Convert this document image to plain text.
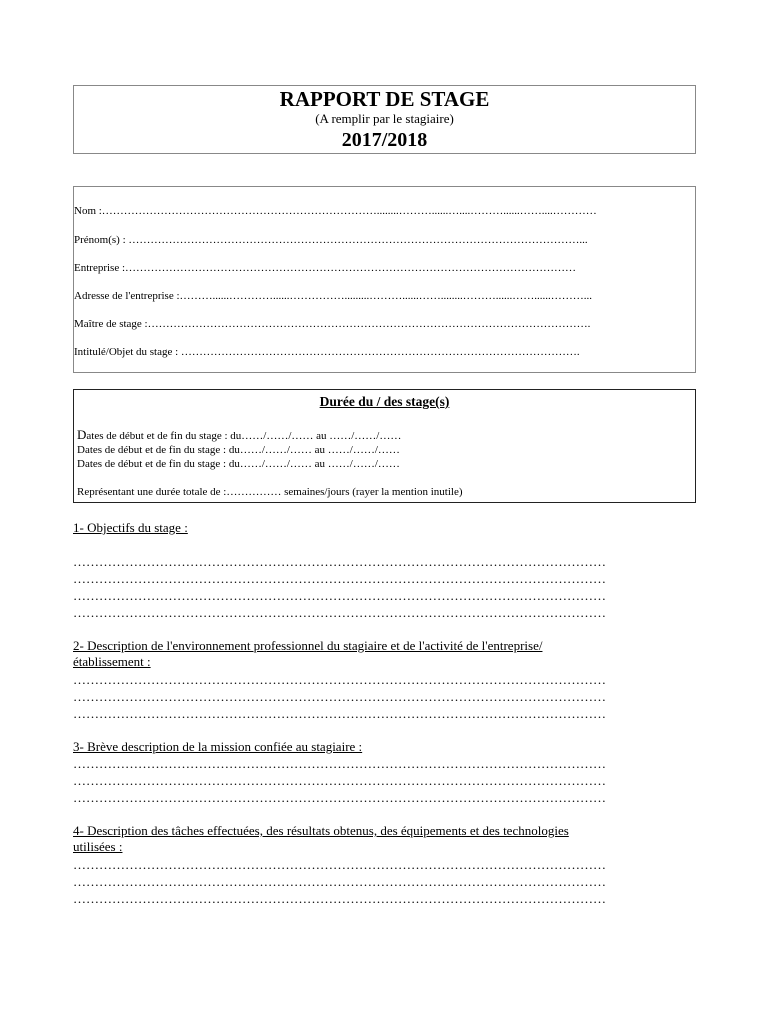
RAPPORT DE STAGE
(A remplir par le stagiaire)
2017/2018
Nom :…………………………………………………………………........………......…....………......……....…………
Prénom(s) : ……………………………………………………………………………………………………………...
Entreprise :……………………………………………………………………………………………………………
Adresse de l'entreprise :………......…………......…………….........………......……........………......……......………...
Maître de stage :………………………………………………………………………………………………………….
Intitulé/Objet du stage : ……………………………………………………………………………………………….
Durée du / des stage(s)
Dates de début et de fin du stage : du……/……/…… au ……/……/……
Dates de début et de fin du stage : du……/……/…… au ……/……/……
Dates de début et de fin du stage : du……/……/…… au ……/……/……
Représentant une durée totale de :…………… semaines/jours (rayer la mention inutile)
1- Objectifs du stage :
……………………………………………………………………………………………………………
……………………………………………………………………………………………………………
……………………………………………………………………………………………………………
……………………………………………………………………………………………………………
2- Description de l'environnement professionnel du stagiaire et de l'activité de l'entreprise/
établissement :
……………………………………………………………………………………………………………
……………………………………………………………………………………………………………
……………………………………………………………………………………………………………
3- Brève description de la mission confiée au stagiaire :
……………………………………………………………………………………………………………
……………………………………………………………………………………………………………
……………………………………………………………………………………………………………
4- Description des tâches effectuées, des résultats obtenus, des équipements et des technologies
utilisées :
……………………………………………………………………………………………………………
……………………………………………………………………………………………………………
……………………………………………………………………………………………………………
